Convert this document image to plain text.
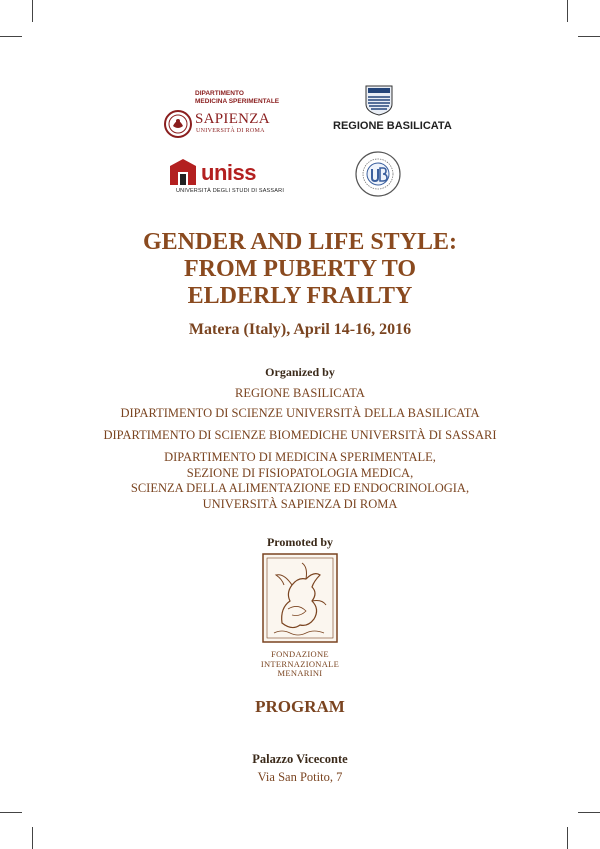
DIPARTIMENTO
MEDICINA SPERIMENTALE
SAPIENZA
UNIVERSITÀ DI ROMA	REGIONE BASILICATA
uniss
UNIVERSITÀ DEGLI STUDI DI SASSARI
GENDER AND LIFE STYLE:
FROM PUBERTY TO
ELDERLY FRAILTY
Matera (Italy), April 14-16, 2016
Organized by
REGIONE BASILICATA
DIPARTIMENTO DI SCIENZE UNIVERSITÀ DELLA BASILICATA
DIPARTIMENTO DI SCIENZE BIOMEDICHE UNIVERSITÀ DI SASSARI
DIPARTIMENTO DI MEDICINA SPERIMENTALE,
SEZIONE DI FISIOPATOLOGIA MEDICA,
SCIENZA DELLA ALIMENTAZIONE ED ENDOCRINOLOGIA,
UNIVERSITÀ SAPIENZA DI ROMA
Promoted by
FONDAZIONE
INTERNAZIONALE
MENARINI
PROGRAM
Palazzo Viceconte
Via San Potito, 7
